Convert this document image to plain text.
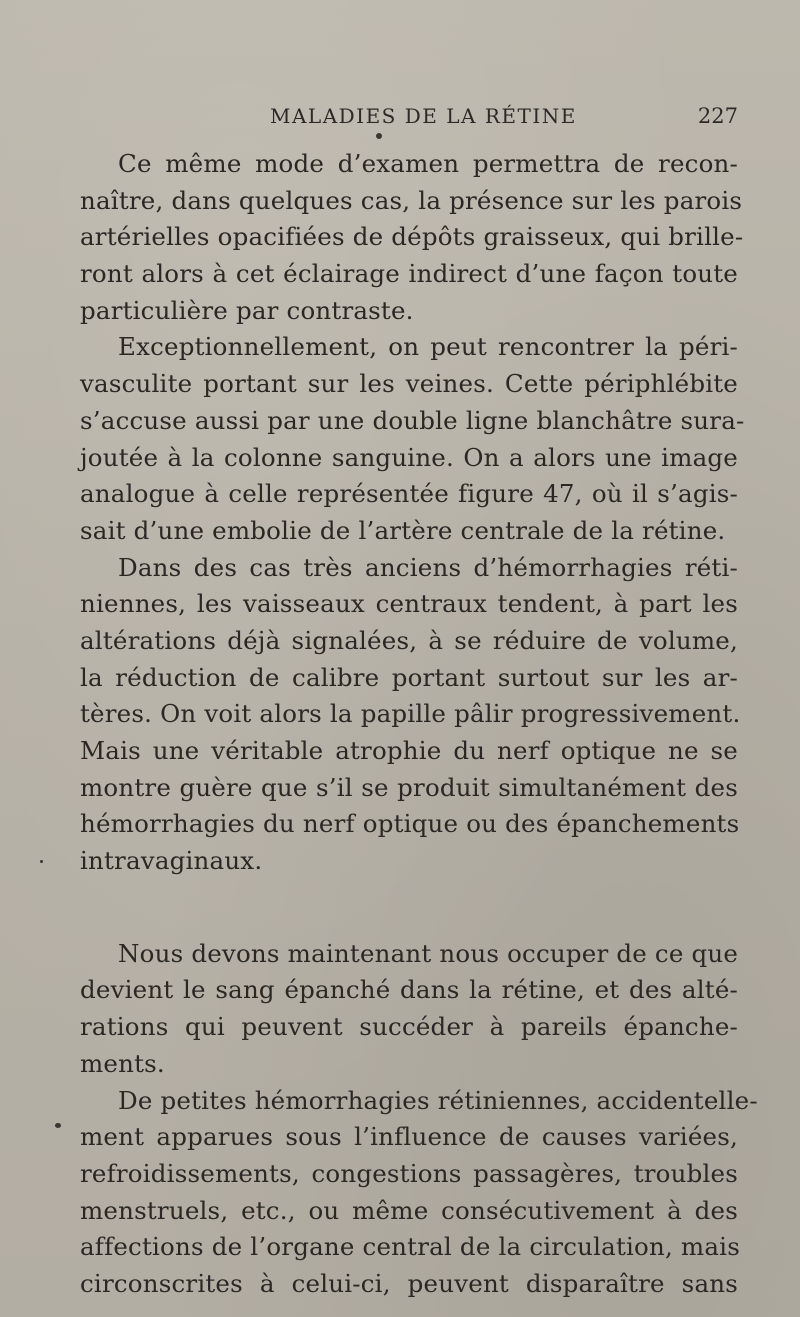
MALADIES DE LA RÉTINE	227
Ce même mode d’examen permettra de recon-
naître, dans quelques cas, la présence sur les parois
artérielles opacifiées de dépôts graisseux, qui brille-
ront alors à cet éclairage indirect d’une façon toute
particulière par contraste.
Exceptionnellement, on peut rencontrer la péri-
vasculite portant sur les veines. Cette périphlébite
s’accuse aussi par une double ligne blanchâtre sura-
joutée à la colonne sanguine. On a alors une image
analogue à celle représentée figure 47, où il s’agis-
sait d’une embolie de l’artère centrale de la rétine.
Dans des cas très anciens d’hémorrhagies réti-
niennes, les vaisseaux centraux tendent, à part les
altérations déjà signalées, à se réduire de volume,
la réduction de calibre portant surtout sur les ar-
tères. On voit alors la papille pâlir progressivement.
Mais une véritable atrophie du nerf optique ne se
montre guère que s’il se produit simultanément des
hémorrhagies du nerf optique ou des épanchements
intravaginaux.
Nous devons maintenant nous occuper de ce que
devient le sang épanché dans la rétine, et des alté-
rations qui peuvent succéder à pareils épanche-
ments.
De petites hémorrhagies rétiniennes, accidentelle-
ment apparues sous l’influence de causes variées,
refroidissements, congestions passagères, troubles
menstruels, etc., ou même consécutivement à des
affections de l’organe central de la circulation, mais
circonscrites à celui-ci, peuvent disparaître sans
